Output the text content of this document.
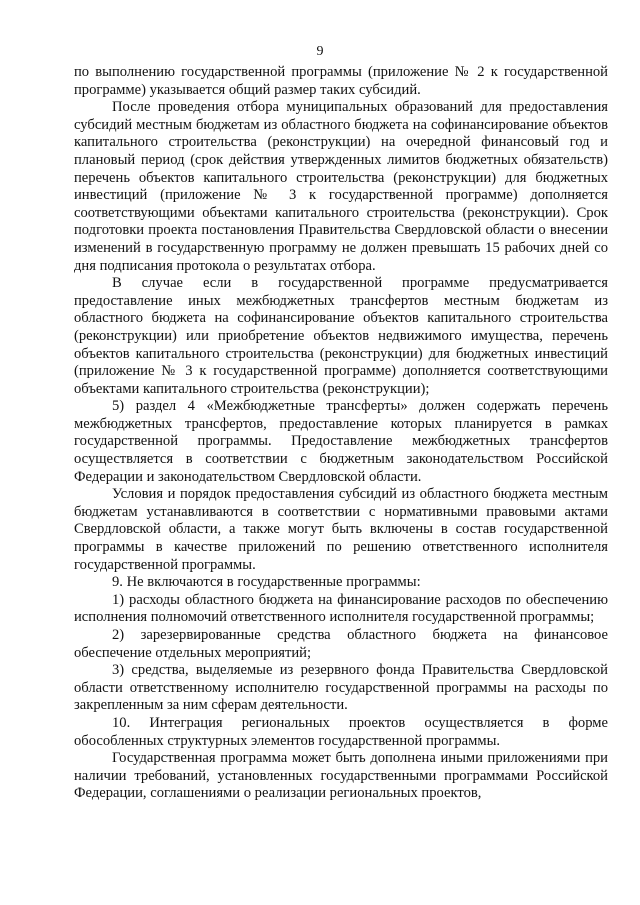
9

по выполнению государственной программы (приложение № 2 к государственной программе) указывается общий размер таких субсидий.

После проведения отбора муниципальных образований для предоставления субсидий местным бюджетам из областного бюджета на софинансирование объектов капитального строительства (реконструкции) на очередной финансовый год и плановый период (срок действия утвержденных лимитов бюджетных обязательств) перечень объектов капитального строительства (реконструкции) для бюджетных инвестиций (приложение № 3 к государственной программе) дополняется соответствующими объектами капитального строительства (реконструкции). Срок подготовки проекта постановления Правительства Свердловской области о внесении изменений в государственную программу не должен превышать 15 рабочих дней со дня подписания протокола о результатах отбора.

В случае если в государственной программе предусматривается предоставление иных межбюджетных трансфертов местным бюджетам из областного бюджета на софинансирование объектов капитального строительства (реконструкции) или приобретение объектов недвижимого имущества, перечень объектов капитального строительства (реконструкции) для бюджетных инвестиций (приложение № 3 к государственной программе) дополняется соответствующими объектами капитального строительства (реконструкции);

5) раздел 4 «Межбюджетные трансферты» должен содержать перечень межбюджетных трансфертов, предоставление которых планируется в рамках государственной программы. Предоставление межбюджетных трансфертов осуществляется в соответствии с бюджетным законодательством Российской Федерации и законодательством Свердловской области.

Условия и порядок предоставления субсидий из областного бюджета местным бюджетам устанавливаются в соответствии с нормативными правовыми актами Свердловской области, а также могут быть включены в состав государственной программы в качестве приложений по решению ответственного исполнителя государственной программы.

9. Не включаются в государственные программы:

1) расходы областного бюджета на финансирование расходов по обеспечению исполнения полномочий ответственного исполнителя государственной программы;

2) зарезервированные средства областного бюджета на финансовое обеспечение отдельных мероприятий;

3) средства, выделяемые из резервного фонда Правительства Свердловской области ответственному исполнителю государственной программы на расходы по закрепленным за ним сферам деятельности.

10. Интеграция региональных проектов осуществляется в форме обособленных структурных элементов государственной программы.

Государственная программа может быть дополнена иными приложениями при наличии требований, установленных государственными программами Российской Федерации, соглашениями о реализации региональных проектов,
